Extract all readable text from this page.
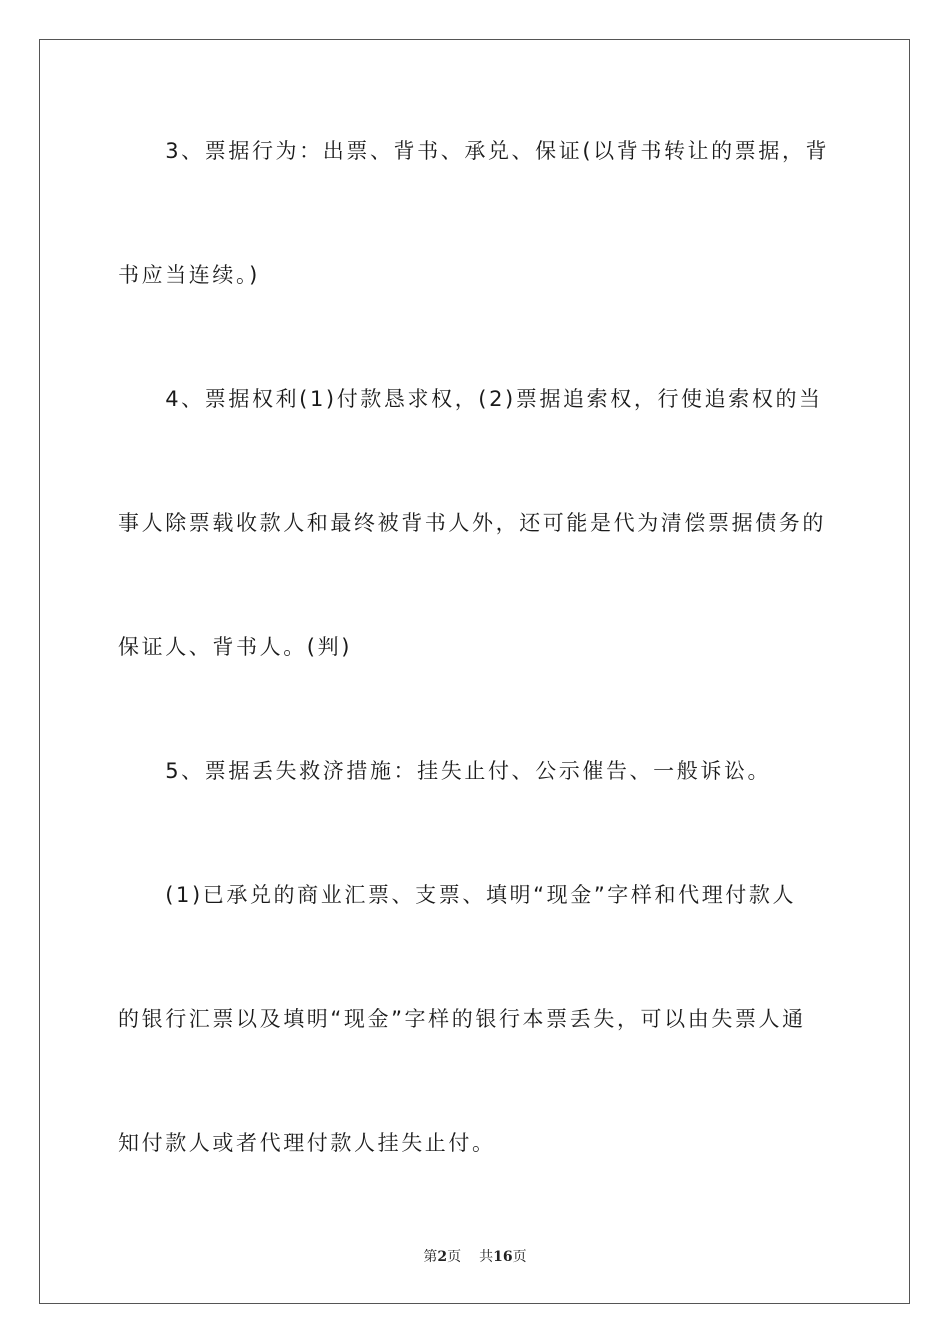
　　3、票据行为：出票、背书、承兑、保证(以背书转让的票据，背
书应当连续。)
　　4、票据权利(1)付款恳求权，(2)票据追索权，行使追索权的当
事人除票载收款人和最终被背书人外，还可能是代为清偿票据债务的
保证人、背书人。(判)
　　5、票据丢失救济措施：挂失止付、公示催告、一般诉讼。
　　(1)已承兑的商业汇票、支票、填明“现金”字样和代理付款人
的银行汇票以及填明“现金”字样的银行本票丢失，可以由失票人通
知付款人或者代理付款人挂失止付。
第2页 共16页
